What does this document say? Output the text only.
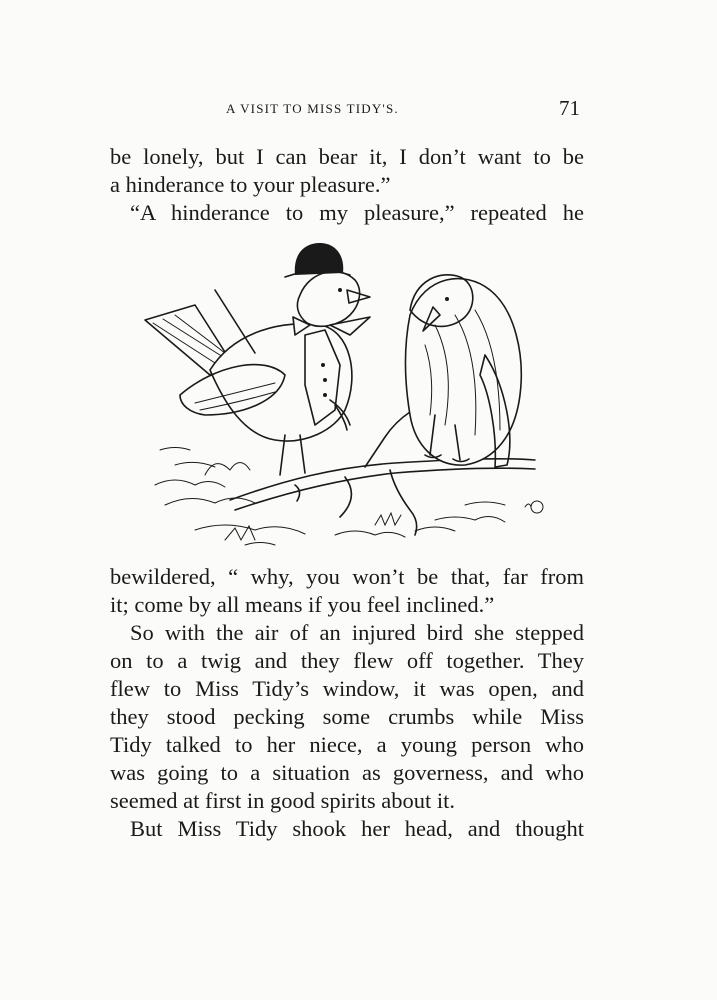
A VISIT TO MISS TIDY'S.	71

be lonely, but I can bear it, I don’t want to be

a hinderance to your pleasure.”

“A hinderance to my pleasure,” repeated he

bewildered, “ why, you won’t be that, far from

it; come by all means if you feel inclined.”

So with the air of an injured bird she stepped

on to a twig and they flew off together. They

flew to Miss Tidy’s window, it was open, and

they stood pecking some crumbs while Miss

Tidy talked to her niece, a young person who

was going to a situation as governess, and who

seemed at first in good spirits about it.

But Miss Tidy shook her head, and thought
